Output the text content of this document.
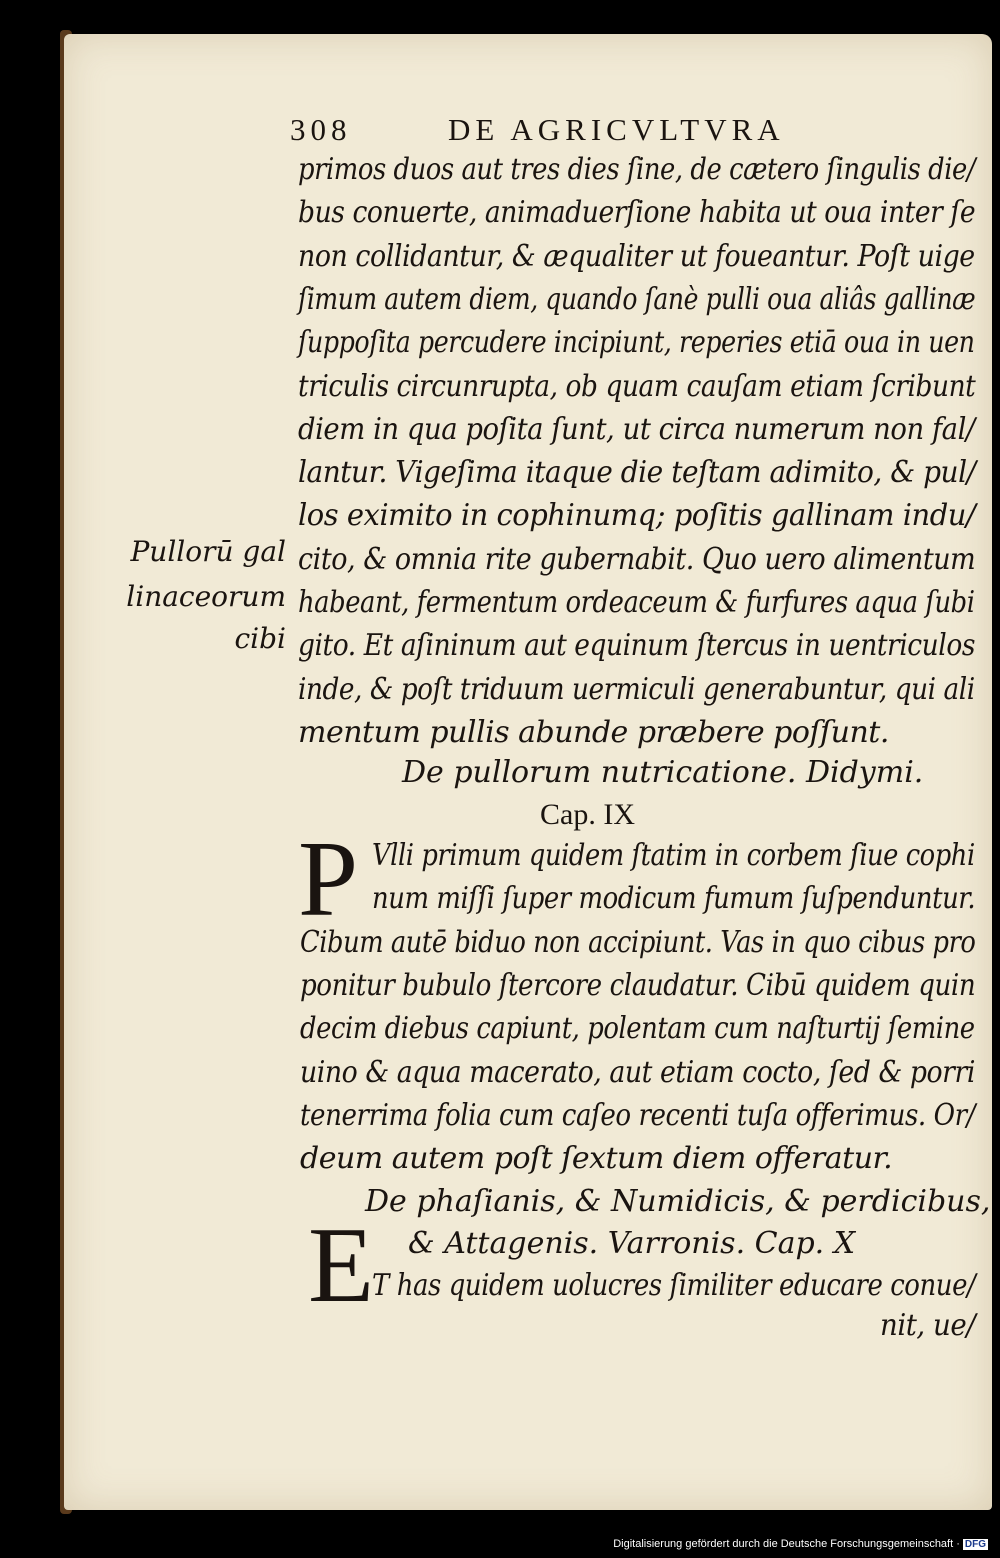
308	DE AGRICVLTVRA
primos duos aut tres dies ſine, de cætero ſingulis die/
bus conuerte, animaduerſione habita ut oua inter ſe
non collidantur, & æqualiter ut foueantur. Poſt uige
ſimum autem diem, quando ſanè pulli oua aliâs gallinæ
ſuppoſita percudere incipiunt, reperies etiā oua in uen
triculis circunrupta, ob quam cauſam etiam ſcribunt
diem in qua poſita ſunt, ut circa numerum non fal/
lantur. Vigeſima itaque die teſtam adimito, & pul/
los eximito in cophinumq; poſitis gallinam indu/
cito, & omnia rite gubernabit. Quo uero alimentum
habeant, fermentum ordeaceum & furfures aqua ſubi
gito. Et aſininum aut equinum ſtercus in uentriculos
inde, & poſt triduum uermiculi generabuntur, qui ali
mentum pullis abunde præbere poſſunt.
Pullorū gal
linaceorum
cibi
De pullorum nutricatione. Didymi.
Cap. IX
P Vlli primum quidem ſtatim in corbem ſiue cophi
num miſſi ſuper modicum fumum ſuſpenduntur.
Cibum autē biduo non accipiunt. Vas in quo cibus pro
ponitur bubulo ſtercore claudatur. Cibū quidem quin
decim diebus capiunt, polentam cum naſturtij ſemine
uino & aqua macerato, aut etiam cocto, ſed & porri
tenerrima folia cum caſeo recenti tuſa offerimus. Or/
deum autem poſt ſextum diem offeratur.
De phaſianis, & Numidicis, & perdicibus,
& Attagenis. Varronis. Cap. X
E
T has quidem uolucres ſimiliter educare conue/
nit, ue/
Digitalisierung gefördert durch die Deutsche Forschungsgemeinschaft · DFG
